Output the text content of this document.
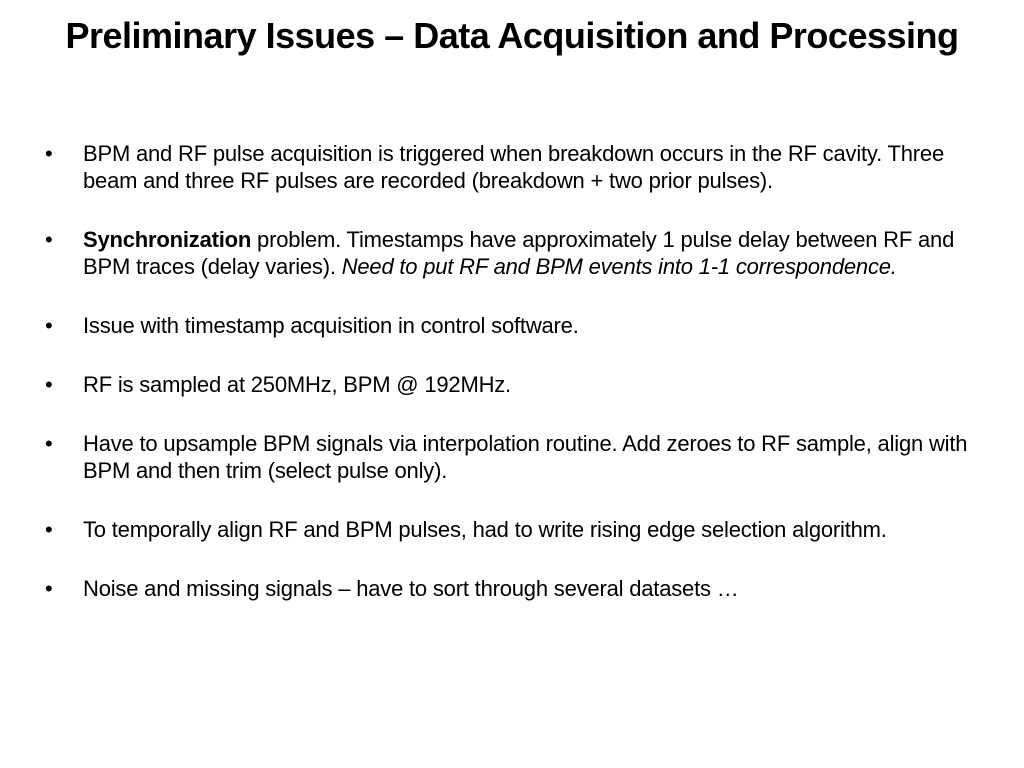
Preliminary Issues – Data Acquisition and Processing
• BPM and RF pulse acquisition is triggered when breakdown occurs in the RF cavity. Three beam and three RF pulses are recorded (breakdown + two prior pulses).
• Synchronization problem. Timestamps have approximately 1 pulse delay between RF and BPM traces (delay varies). Need to put RF and BPM events into 1-1 correspondence.
• Issue with timestamp acquisition in control software.
• RF is sampled at 250MHz, BPM @ 192MHz.
• Have to upsample BPM signals via interpolation routine. Add zeroes to RF sample, align with BPM and then trim (select pulse only).
• To temporally align RF and BPM pulses, had to write rising edge selection algorithm.
• Noise and missing signals – have to sort through several datasets …
